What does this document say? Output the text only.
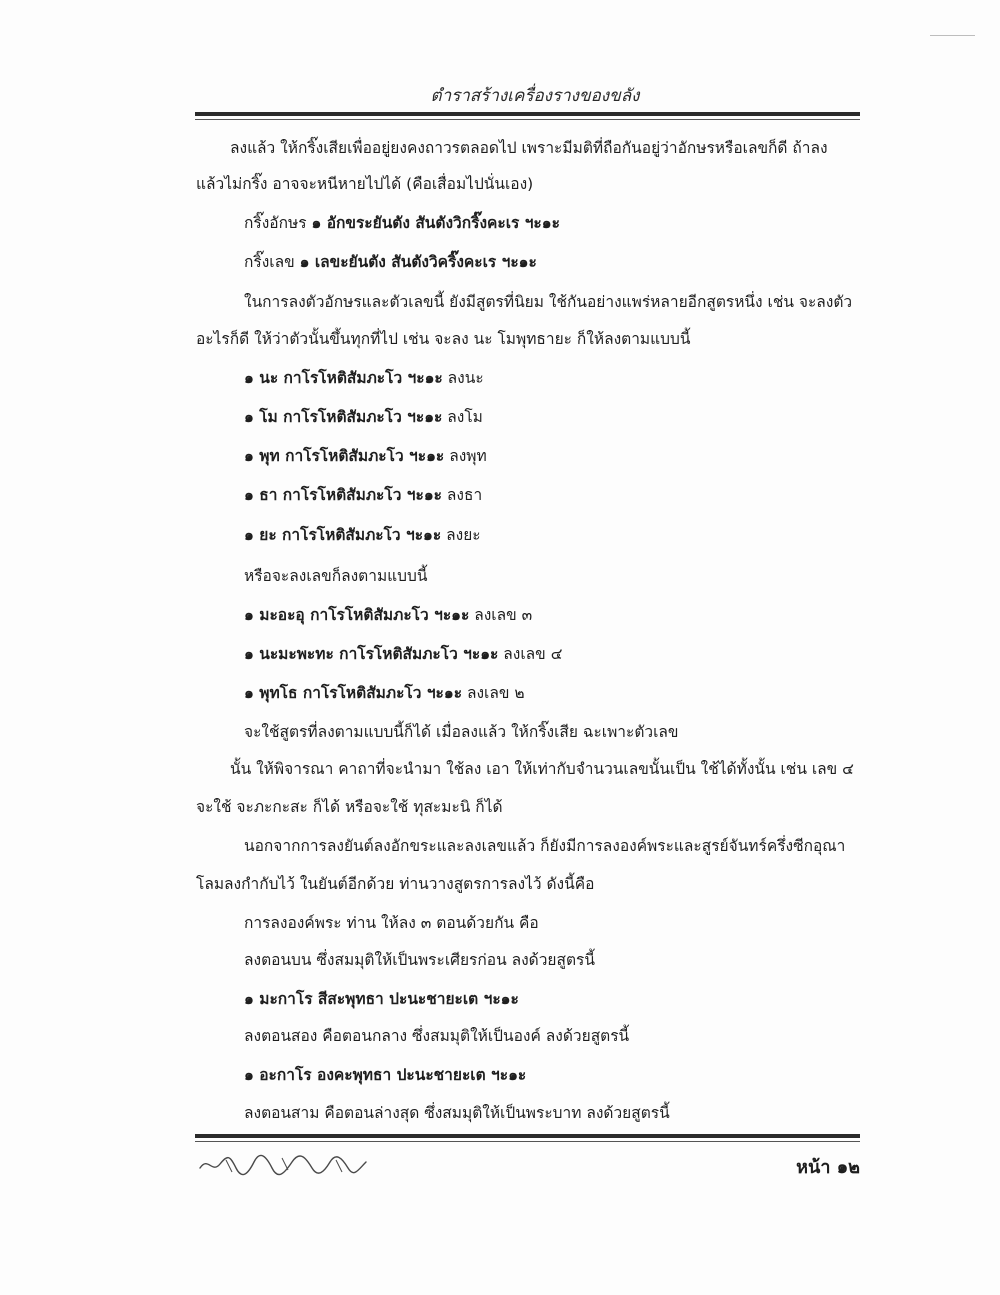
ตำราสร้างเครื่องรางของขลัง
ลงแล้ว ให้กริ๊งเสียเพื่ออยู่ยงคงถาวรตลอดไป เพราะมีมติที่ถือกันอยู่ว่าอักษรหรือเลขก็ดี ถ้าลง
แล้วไม่กริ๊ง อาจจะหนีหายไปได้ (คือเสื่อมไปนั่นเอง)
กริ๊งอักษร ๑ อักขระยันตัง สันตังวิกริ๊งคะเร ฯะ๑ะ
กริ๊งเลข ๑ เลขะยันตัง สันตังวิคริ๊งคะเร ฯะ๑ะ
ในการลงตัวอักษรและตัวเลขนี้ ยังมีสูตรที่นิยม ใช้กันอย่างแพร่หลายอีกสูตรหนึ่ง เช่น จะลงตัว
อะไรก็ดี ให้ว่าตัวนั้นขึ้นทุกที่ไป เช่น จะลง นะ โมพุทธายะ ก็ให้ลงตามแบบนี้
๑ นะ กาโรโหติสัมภะโว ฯะ๑ะ ลงนะ
๑ โม กาโรโหติสัมภะโว ฯะ๑ะ ลงโม
๑ พุท กาโรโหติสัมภะโว ฯะ๑ะ ลงพุท
๑ ธา กาโรโหติสัมภะโว ฯะ๑ะ ลงธา
๑ ยะ กาโรโหติสัมภะโว ฯะ๑ะ ลงยะ
หรือจะลงเลขก็ลงตามแบบนี้
๑ มะอะอุ กาโรโหติสัมภะโว ฯะ๑ะ ลงเลข ๓
๑ นะมะพะทะ กาโรโหติสัมภะโว ฯะ๑ะ ลงเลข ๔
๑ พุทโธ กาโรโหติสัมภะโว ฯะ๑ะ ลงเลข ๒
จะใช้สูตรที่ลงตามแบบนี้ก็ได้ เมื่อลงแล้ว ให้กริ๊งเสีย ฉะเพาะตัวเลข
นั้น ให้พิจารณา คาถาที่จะนำมา ใช้ลง เอา ให้เท่ากับจำนวนเลขนั้นเป็น ใช้ได้ทั้งนั้น เช่น เลข ๔
จะใช้ จะภะกะสะ ก็ได้ หรือจะใช้ ทุสะมะนิ ก็ได้
นอกจากการลงยันต์ลงอักขระและลงเลขแล้ว ก็ยังมีการลงองค์พระและสูรย์จันทร์ครึ่งซีกอุณา
โลมลงกำกับไว้ ในยันต์อีกด้วย ท่านวางสูตรการลงไว้ ดังนี้คือ
การลงองค์พระ ท่าน ให้ลง ๓ ตอนด้วยกัน คือ
ลงตอนบน ซึ่งสมมุติให้เป็นพระเศียรก่อน ลงด้วยสูตรนี้
๑ มะกาโร สีสะพุทธา ปะนะชายะเต ฯะ๑ะ
ลงตอนสอง คือตอนกลาง ซึ่งสมมุติให้เป็นองค์ ลงด้วยสูตรนี้
๑ อะกาโร องคะพุทธา ปะนะชายะเต ฯะ๑ะ
ลงตอนสาม คือตอนล่างสุด ซึ่งสมมุติให้เป็นพระบาท ลงด้วยสูตรนี้
หน้า ๑๒
